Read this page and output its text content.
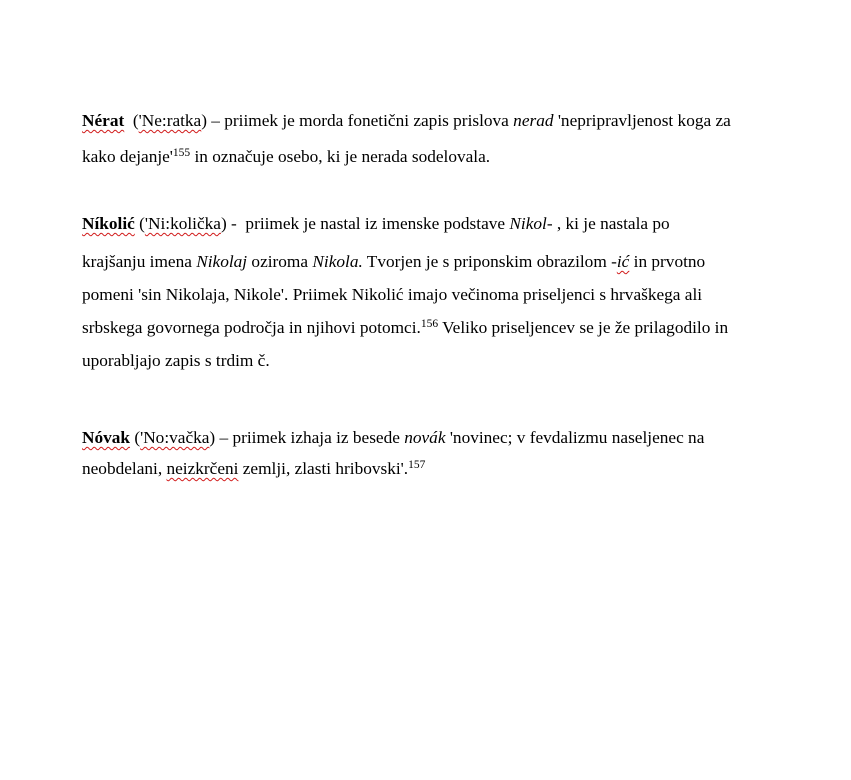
Nérat  ('Ne:ratka) – priimek je morda fonetični zapis prislova nerad 'nepripravljenost koga za
kako $dejanje'^{155}$ in označuje osebo, ki je nerada sodelovala.
Níkolić ('Ni:količka) -  priimek je nastal iz imenske podstave Nikol- , ki je nastala po
krajšanju imena Nikolaj oziroma Nikola. Tvorjen je s priponskim obrazilom -ić in prvotno
pomeni 'sin Nikolaja, Nikole'. Priimek Nikolić imajo večinoma priseljenci s hrvaškega ali
srbskega govornega področja in njihovi potomci.$^{156}$ Veliko priseljencev se je že prilagodilo in
uporabljajo zapis s trdim č.
Nóvak ('No:vačka) – priimek izhaja iz besede novák 'novinec; v fevdalizmu naseljenec na
neobdelani, neizkrčeni zemlji, zlasti hribovski'.$^{157}$
